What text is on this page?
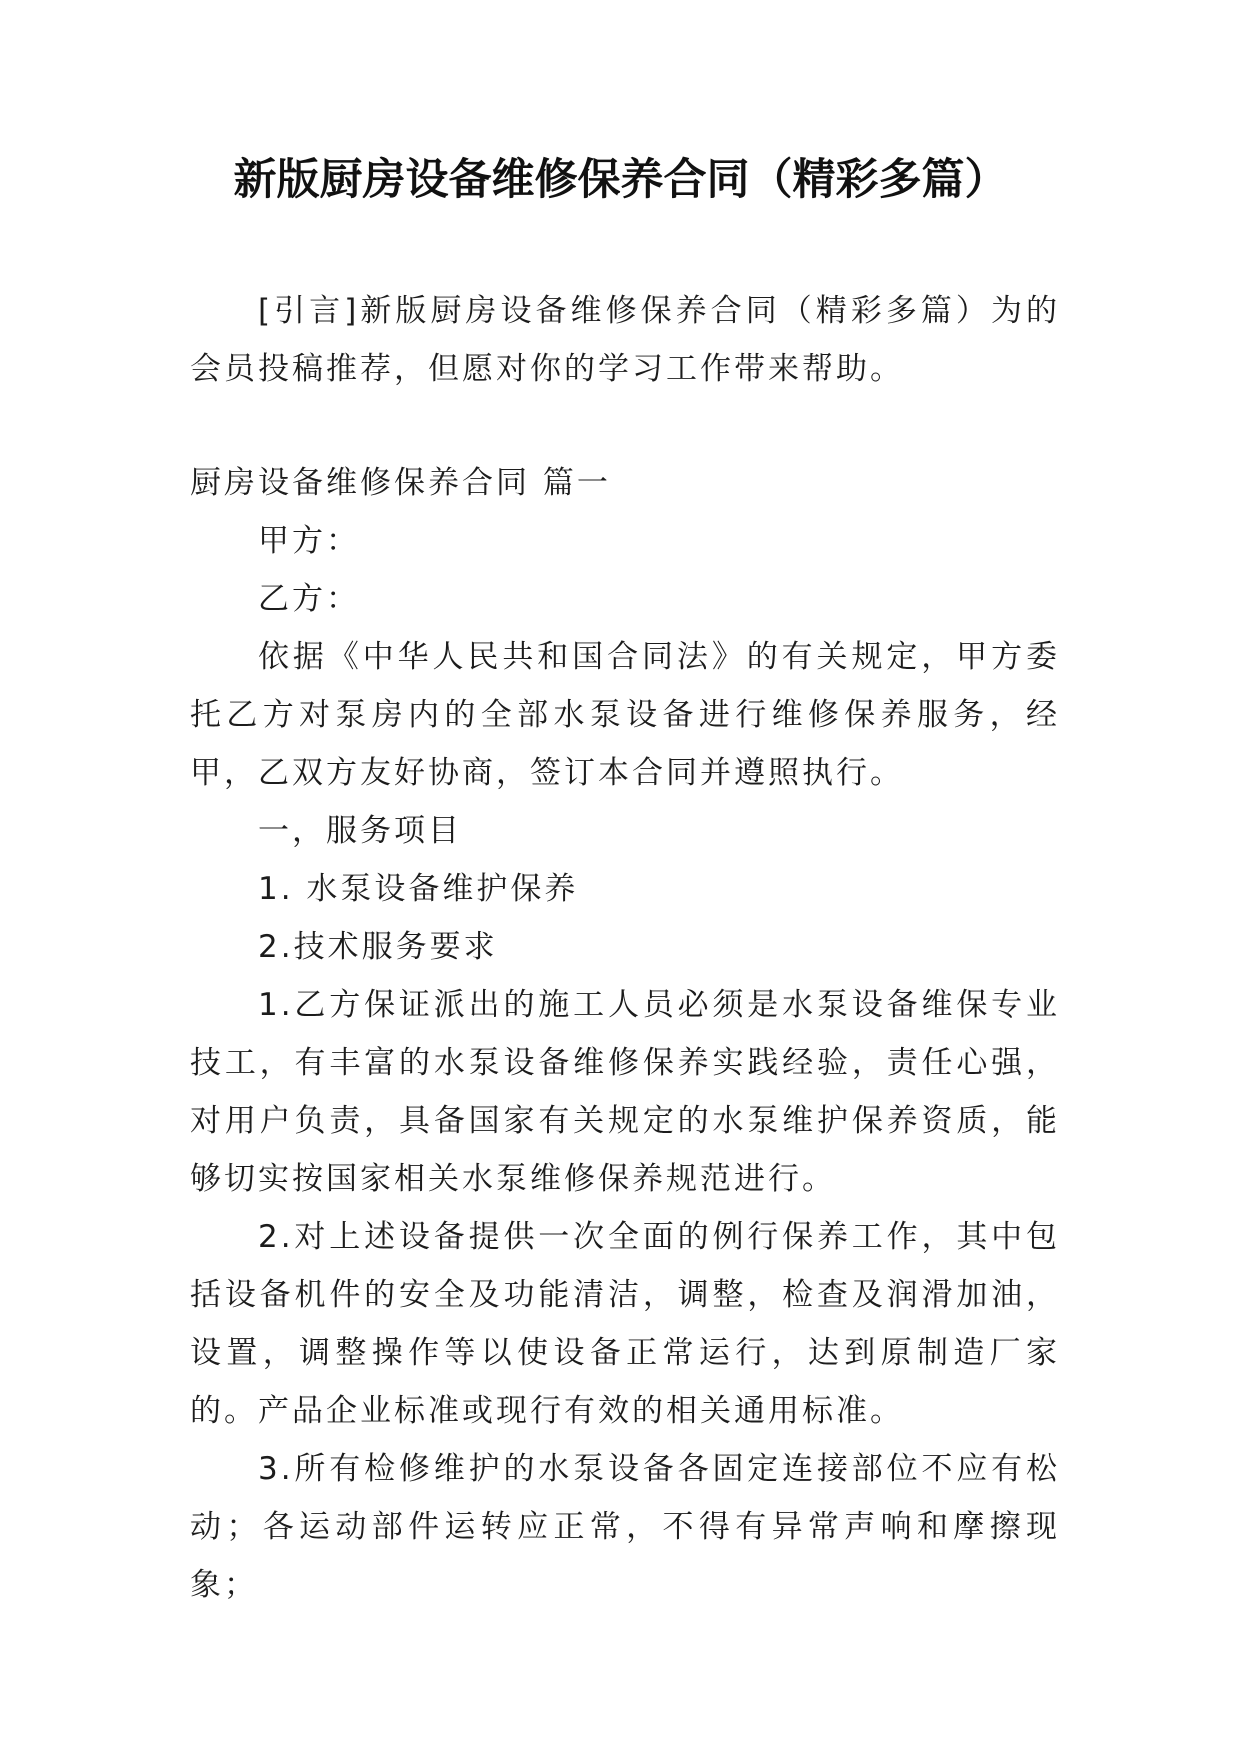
新版厨房设备维修保养合同（精彩多篇）

[引言]新版厨房设备维修保养合同（精彩多篇）为的会员投稿推荐，但愿对你的学习工作带来帮助。

厨房设备维修保养合同 篇一

甲方：

乙方：

依据《中华人民共和国合同法》的有关规定，甲方委托乙方对泵房内的全部水泵设备进行维修保养服务，经甲，乙双方友好协商，签订本合同并遵照执行。

一，服务项目

1. 水泵设备维护保养

2.技术服务要求

1.乙方保证派出的施工人员必须是水泵设备维保专业技工，有丰富的水泵设备维修保养实践经验，责任心强，对用户负责，具备国家有关规定的水泵维护保养资质，能够切实按国家相关水泵维修保养规范进行。

2.对上述设备提供一次全面的例行保养工作，其中包括设备机件的安全及功能清洁，调整，检查及润滑加油，设置，调整操作等以使设备正常运行，达到原制造厂家的。产品企业标准或现行有效的相关通用标准。

3.所有检修维护的水泵设备各固定连接部位不应有松动；各运动部件运转应正常，不得有异常声响和摩擦现象；
